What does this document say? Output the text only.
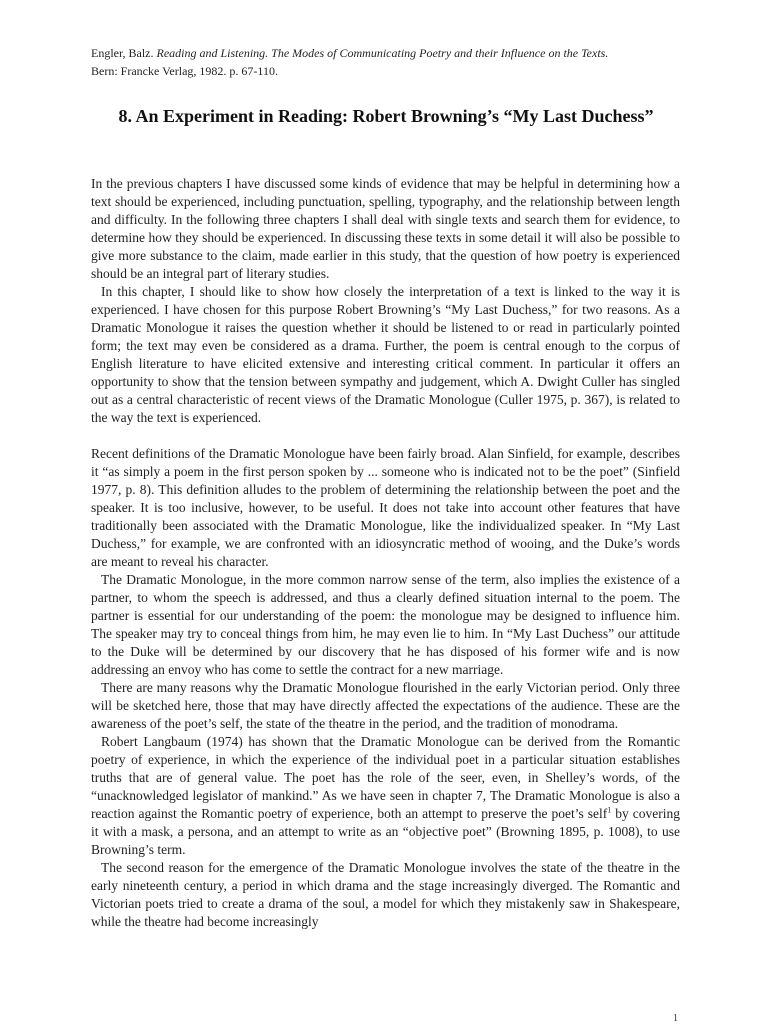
Engler, Balz. Reading and Listening. The Modes of Communicating Poetry and their Influence on the Texts.
Bern: Francke Verlag, 1982. p. 67-110.
8. An Experiment in Reading: Robert Browning’s “My Last Duchess”

In the previous chapters I have discussed some kinds of evidence that may be helpful in determining how a text should be experienced, including punctuation, spelling, typography, and the relationship between length and difficulty. In the following three chapters I shall deal with single texts and search them for evidence, to determine how they should be experienced. In discussing these texts in some detail it will also be possible to give more substance to the claim, made earlier in this study, that the question of how poetry is experienced should be an integral part of literary studies.

In this chapter, I should like to show how closely the interpretation of a text is linked to the way it is experienced. I have chosen for this purpose Robert Browning’s “My Last Duchess,” for two reasons. As a Dramatic Monologue it raises the question whether it should be listened to or read in particularly pointed form; the text may even be considered as a drama. Further, the poem is central enough to the corpus of English literature to have elicited extensive and interesting critical comment. In particular it offers an opportunity to show that the tension between sympathy and judgement, which A. Dwight Culler has singled out as a central characteristic of recent views of the Dramatic Monologue (Culler 1975, p. 367), is related to the way the text is experienced.

Recent definitions of the Dramatic Monologue have been fairly broad. Alan Sinfield, for example, describes it “as simply a poem in the first person spoken by ... someone who is indicated not to be the poet” (Sinfield 1977, p. 8). This definition alludes to the problem of determining the relationship between the poet and the speaker. It is too inclusive, however, to be useful. It does not take into account other features that have traditionally been associated with the Dramatic Monologue, like the individualized speaker. In “My Last Duchess,” for example, we are confronted with an idiosyncratic method of wooing, and the Duke’s words are meant to reveal his character.

The Dramatic Monologue, in the more common narrow sense of the term, also implies the existence of a partner, to whom the speech is addressed, and thus a clearly defined situation internal to the poem. The partner is essential for our understanding of the poem: the monologue may be designed to influence him. The speaker may try to conceal things from him, he may even lie to him. In “My Last Duchess” our attitude to the Duke will be determined by our discovery that he has disposed of his former wife and is now addressing an envoy who has come to settle the contract for a new marriage.

There are many reasons why the Dramatic Monologue flourished in the early Victorian period. Only three will be sketched here, those that may have directly affected the expectations of the audience. These are the awareness of the poet’s self, the state of the theatre in the period, and the tradition of monodrama.

Robert Langbaum (1974) has shown that the Dramatic Monologue can be derived from the Romantic poetry of experience, in which the experience of the individual poet in a particular situation establishes truths that are of general value. The poet has the role of the seer, even, in Shelley’s words, of the “unacknowledged legislator of mankind.” As we have seen in chapter 7, The Dramatic Monologue is also a reaction against the Romantic poetry of experience, both an attempt to preserve the poet’s self$^1$ by covering it with a mask, a persona, and an attempt to write as an “objective poet” (Browning 1895, p. 1008), to use Browning’s term.

The second reason for the emergence of the Dramatic Monologue involves the state of the theatre in the early nineteenth century, a period in which drama and the stage increasingly diverged. The Romantic and Victorian poets tried to create a drama of the soul, a model for which they mistakenly saw in Shakespeare, while the theatre had become increasingly

1
